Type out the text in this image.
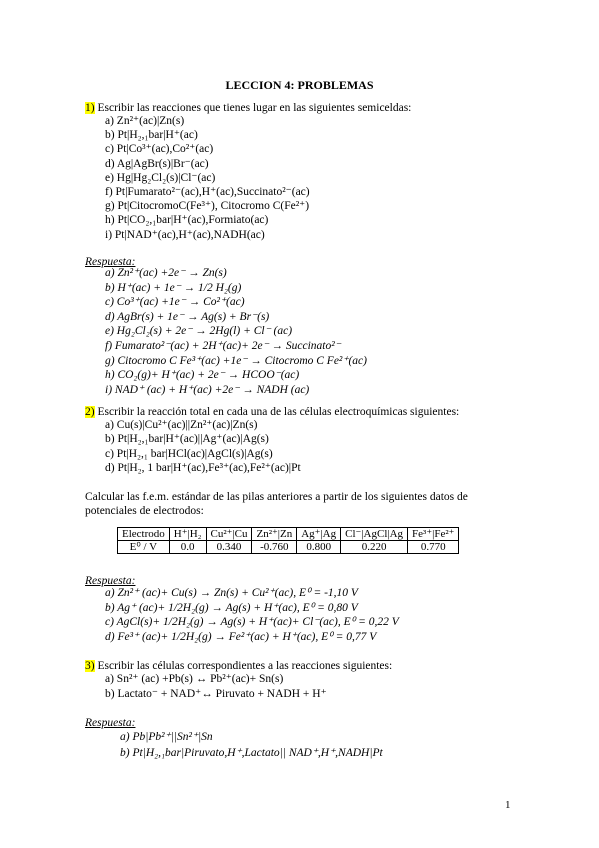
LECCION 4: PROBLEMAS
1) Escribir las reacciones que tienes lugar en las siguientes semiceldas:
a) Zn²⁺(ac)|Zn(s)
b) Pt|H₂,₁bar|H⁺(ac)
c) Pt|Co³⁺(ac),Co²⁺(ac)
d) Ag|AgBr(s)|Br⁻(ac)
e) Hg|Hg₂Cl₂(s)|Cl⁻(ac)
f) Pt|Fumarato²⁻(ac),H⁺(ac),Succinato²⁻(ac)
g) Pt|CitocromoC(Fe³⁺), Citocromo C(Fe²⁺)
h) Pt|CO₂,₁bar|H⁺(ac),Formiato(ac)
i) Pt|NAD⁺(ac),H⁺(ac),NADH(ac)
Respuesta:
a) Zn²⁺(ac) +2e⁻ → Zn(s)
b) H⁺(ac) + 1e⁻ → 1/2 H₂(g)
c) Co³⁺(ac) +1e⁻ → Co²⁺(ac)
d) AgBr(s) + 1e⁻ → Ag(s) + Br⁻(s)
e) Hg₂Cl₂(s) + 2e⁻ → 2Hg(l) + Cl⁻ (ac)
f) Fumarato²⁻(ac) + 2H⁺(ac)+ 2e⁻ → Succinato²⁻
g) Citocromo C Fe³⁺(ac) +1e⁻ → Citocromo C Fe²⁺(ac)
h) CO₂(g)+ H⁺(ac) + 2e⁻ → HCOO⁻(ac)
i) NAD⁺ (ac) + H⁺(ac) +2e⁻ → NADH (ac)
2) Escribir la reacción total en cada una de las células electroquímicas siguientes:
a) Cu(s)|Cu²⁺(ac)||Zn²⁺(ac)|Zn(s)
b) Pt|H₂,₁bar|H⁺(ac)||Ag⁺(ac)|Ag(s)
c) Pt|H₂,₁ bar|HCl(ac)|AgCl(s)|Ag(s)
d) Pt|H₂, 1 bar|H⁺(ac),Fe³⁺(ac),Fe²⁺(ac)|Pt
Calcular las f.e.m. estándar de las pilas anteriores a partir de los siguientes datos de
potenciales de electrodos:
Electrodo	H⁺|H₂	Cu²⁺|Cu	Zn²⁺|Zn	Ag⁺|Ag	Cl⁻|AgCl|Ag	Fe³⁺|Fe²⁺
E⁰ / V	0.0	0.340	-0.760	0.800	0.220	0.770
Respuesta:
a) Zn²⁺ (ac)+ Cu(s) → Zn(s) + Cu²⁺(ac), E⁰ = -1,10 V
b) Ag⁺ (ac)+ 1/2H₂(g) → Ag(s) + H⁺(ac), E⁰ = 0,80 V
c) AgCl(s)+ 1/2H₂(g) → Ag(s) + H⁺(ac)+ Cl⁻(ac), E⁰ = 0,22 V
d) Fe³⁺ (ac)+ 1/2H₂(g) → Fe²⁺(ac) + H⁺(ac), E⁰ = 0,77 V
3) Escribir las células correspondientes a las reacciones siguientes:
a) Sn²⁺ (ac) +Pb(s) ↔ Pb²⁺(ac)+ Sn(s)
b) Lactato⁻ + NAD⁺↔ Piruvato + NADH + H⁺
Respuesta:
a) Pb|Pb²⁺||Sn²⁺|Sn
b) Pt|H₂,₁bar|Piruvato,H⁺,Lactato|| NAD⁺,H⁺,NADH|Pt
1
